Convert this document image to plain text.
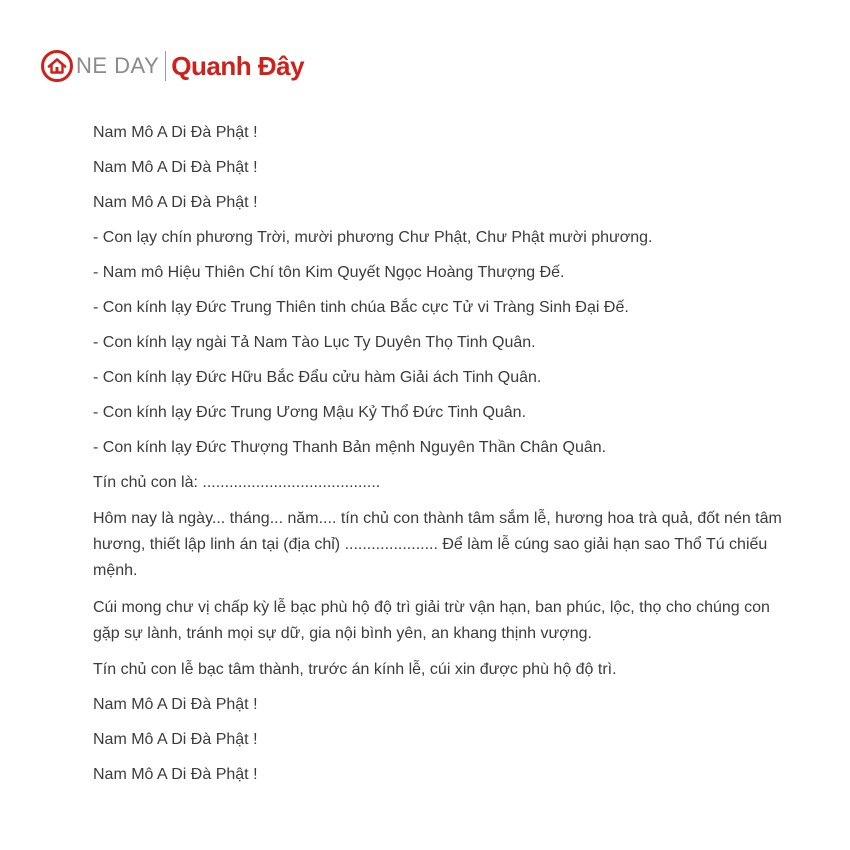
NE DAY Quanh Đây

Nam Mô A Di Đà Phật !

Nam Mô A Di Đà Phật !

Nam Mô A Di Đà Phật !

- Con lạy chín phương Trời, mười phương Chư Phật, Chư Phật mười phương.

- Nam mô Hiệu Thiên Chí tôn Kim Quyết Ngọc Hoàng Thượng Đế.

- Con kính lạy Đức Trung Thiên tinh chúa Bắc cực Tử vi Tràng Sinh Đại Đế.

- Con kính lạy ngài Tả Nam Tào Lục Ty Duyên Thọ Tinh Quân.

- Con kính lạy Đức Hữu Bắc Đẩu cửu hàm Giải ách Tinh Quân.

- Con kính lạy Đức Trung Ương Mậu Kỷ Thổ Đức Tinh Quân.

- Con kính lạy Đức Thượng Thanh Bản mệnh Nguyên Thần Chân Quân.

Tín chủ con là: ........................................

Hôm nay là ngày... tháng... năm.... tín chủ con thành tâm sắm lễ, hương hoa trà quả, đốt nén tâm hương, thiết lập linh án tại (địa chỉ) ..................... Để làm lễ cúng sao giải hạn sao Thổ Tú chiếu mệnh.

Cúi mong chư vị chấp kỳ lễ bạc phù hộ độ trì giải trừ vận hạn, ban phúc, lộc, thọ cho chúng con gặp sự lành, tránh mọi sự dữ, gia nội bình yên, an khang thịnh vượng.

Tín chủ con lễ bạc tâm thành, trước án kính lễ, cúi xin được phù hộ độ trì.

Nam Mô A Di Đà Phật !

Nam Mô A Di Đà Phật !

Nam Mô A Di Đà Phật !
